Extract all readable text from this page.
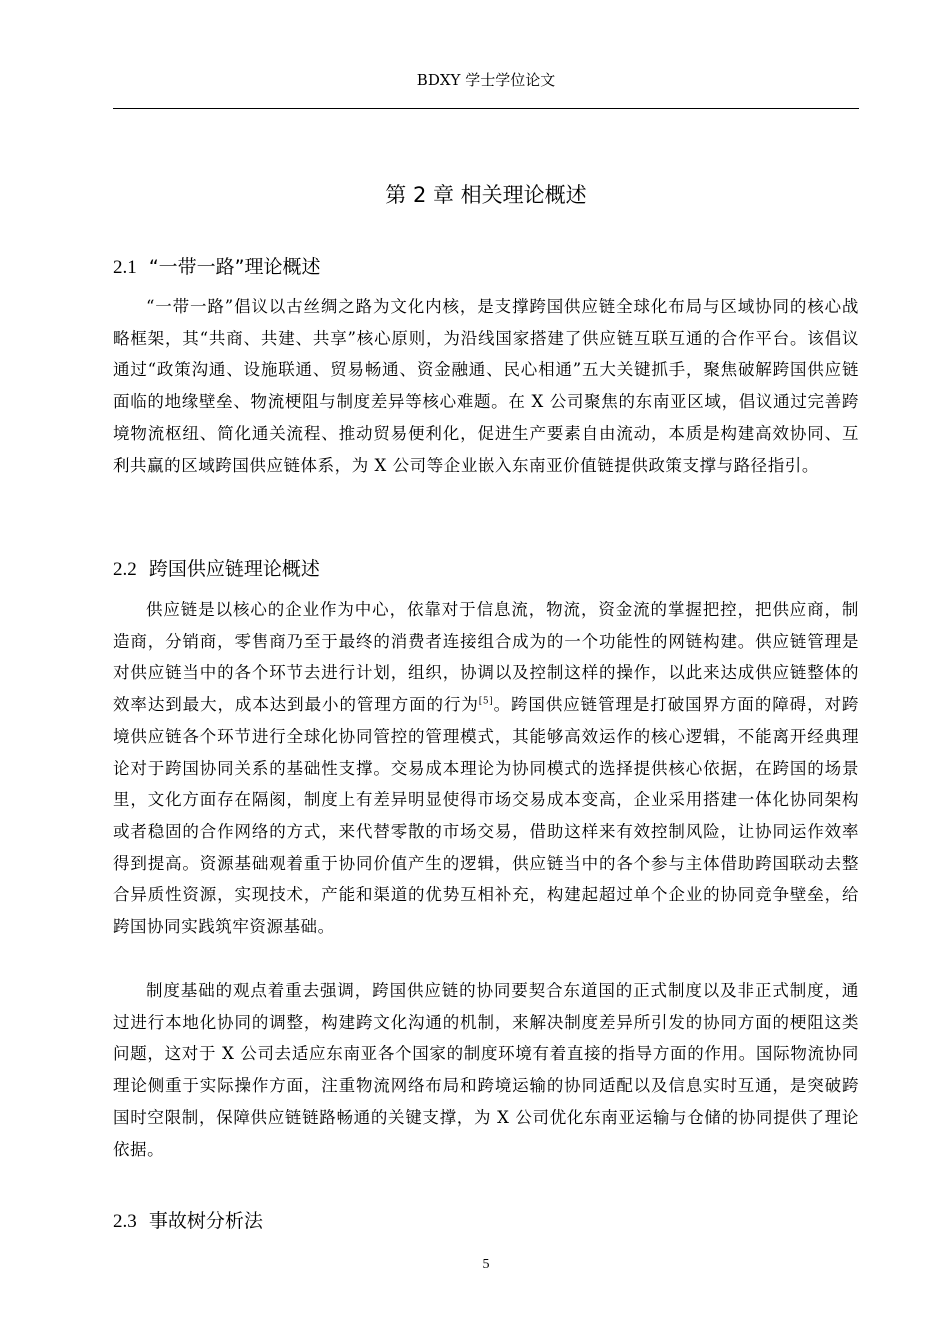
BDXY 学士学位论文
第 2 章 相关理论概述
2.1 “一带一路”理论概述
“一带一路”倡议以古丝绸之路为文化内核，是支撑跨国供应链全球化布局与区域协同的核心战略框架，其“共商、共建、共享”核心原则，为沿线国家搭建了供应链互联互通的合作平台。该倡议通过“政策沟通、设施联通、贸易畅通、资金融通、民心相通”五大关键抓手，聚焦破解跨国供应链面临的地缘壁垒、物流梗阻与制度差异等核心难题。在 X 公司聚焦的东南亚区域，倡议通过完善跨境物流枢纽、简化通关流程、推动贸易便利化，促进生产要素自由流动，本质是构建高效协同、互利共赢的区域跨国供应链体系，为 X 公司等企业嵌入东南亚价值链提供政策支撑与路径指引。
2.2 跨国供应链理论概述
供应链是以核心的企业作为中心，依靠对于信息流，物流，资金流的掌握把控，把供应商，制造商，分销商，零售商乃至于最终的消费者连接组合成为的一个功能性的网链构建。供应链管理是对供应链当中的各个环节去进行计划，组织，协调以及控制这样的操作，以此来达成供应链整体的效率达到最大，成本达到最小的管理方面的行为[5]。跨国供应链管理是打破国界方面的障碍，对跨境供应链各个环节进行全球化协同管控的管理模式，其能够高效运作的核心逻辑，不能离开经典理论对于跨国协同关系的基础性支撑。交易成本理论为协同模式的选择提供核心依据，在跨国的场景里，文化方面存在隔阂，制度上有差异明显使得市场交易成本变高，企业采用搭建一体化协同架构或者稳固的合作网络的方式，来代替零散的市场交易，借助这样来有效控制风险，让协同运作效率得到提高。资源基础观着重于协同价值产生的逻辑，供应链当中的各个参与主体借助跨国联动去整合异质性资源，实现技术，产能和渠道的优势互相补充，构建起超过单个企业的协同竞争壁垒，给跨国协同实践筑牢资源基础。
制度基础的观点着重去强调，跨国供应链的协同要契合东道国的正式制度以及非正式制度，通过进行本地化协同的调整，构建跨文化沟通的机制，来解决制度差异所引发的协同方面的梗阻这类问题，这对于 X 公司去适应东南亚各个国家的制度环境有着直接的指导方面的作用。国际物流协同理论侧重于实际操作方面，注重物流网络布局和跨境运输的协同适配以及信息实时互通，是突破跨国时空限制，保障供应链链路畅通的关键支撑，为 X 公司优化东南亚运输与仓储的协同提供了理论依据。
2.3 事故树分析法
5
